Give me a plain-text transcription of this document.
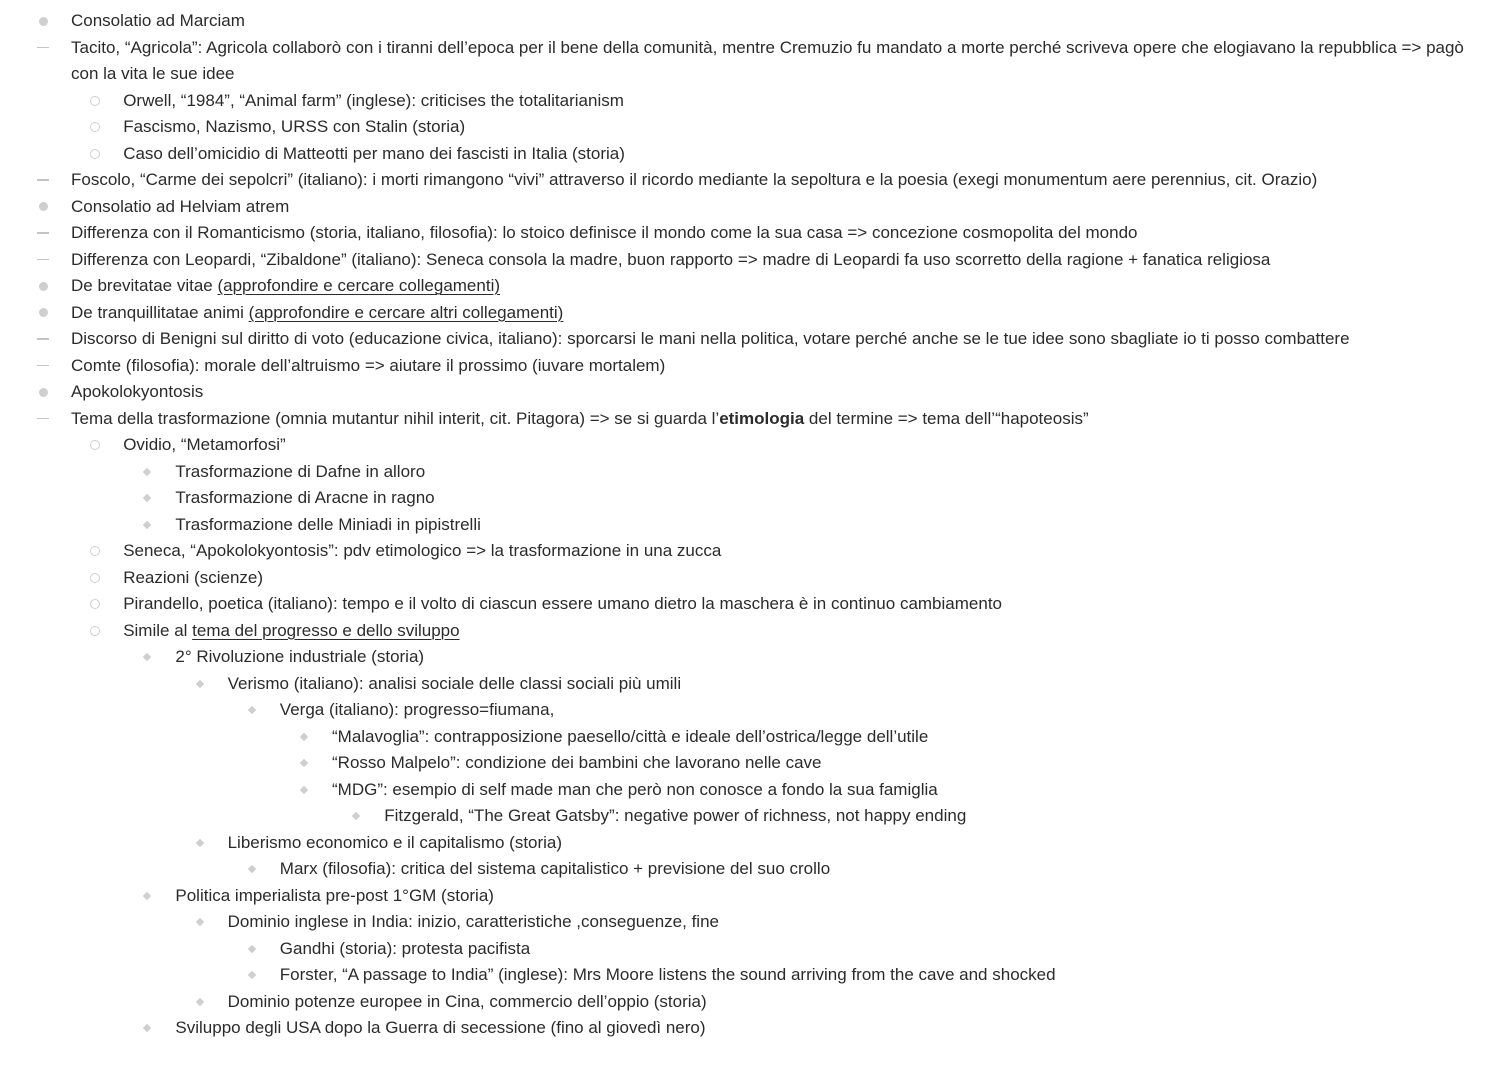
Consolatio ad Marciam
Tacito, “Agricola”: Agricola collaborò con i tiranni dell’epoca per il bene della comunità, mentre Cremuzio fu mandato a morte perché scriveva opere che elogiavano la repubblica => pagò con la vita le sue idee
Orwell, “1984”, “Animal farm” (inglese): criticises the totalitarianism
Fascismo, Nazismo, URSS con Stalin (storia)
Caso dell’omicidio di Matteotti per mano dei fascisti in Italia (storia)
Foscolo, “Carme dei sepolcri” (italiano): i morti rimangono “vivi” attraverso il ricordo mediante la sepoltura e la poesia (exegi monumentum aere perennius, cit. Orazio)
Consolatio ad Helviam atrem
Differenza con il Romanticismo (storia, italiano, filosofia): lo stoico definisce il mondo come la sua casa => concezione cosmopolita del mondo
Differenza con Leopardi, “Zibaldone” (italiano): Seneca consola la madre, buon rapporto => madre di Leopardi fa uso scorretto della ragione + fanatica religiosa
De brevitatae vitae (approfondire e cercare collegamenti)
De tranquillitatae animi (approfondire e cercare altri collegamenti)
Discorso di Benigni sul diritto di voto (educazione civica, italiano): sporcarsi le mani nella politica, votare perché anche se le tue idee sono sbagliate io ti posso combattere
Comte (filosofia): morale dell’altruismo => aiutare il prossimo (iuvare mortalem)
Apokolokyontosis
Tema della trasformazione (omnia mutantur nihil interit, cit. Pitagora) => se si guarda l’etimologia del termine => tema dell’“hapoteosis”
Ovidio, “Metamorfosi”
Trasformazione di Dafne in alloro
Trasformazione di Aracne in ragno
Trasformazione delle Miniadi in pipistrelli
Seneca, “Apokolokyontosis”: pdv etimologico => la trasformazione in una zucca
Reazioni (scienze)
Pirandello, poetica (italiano): tempo e il volto di ciascun essere umano dietro la maschera è in continuo cambiamento
Simile al tema del progresso e dello sviluppo
2° Rivoluzione industriale (storia)
Verismo (italiano): analisi sociale delle classi sociali più umili
Verga (italiano): progresso=fiumana,
“Malavoglia”: contrapposizione paesello/città e ideale dell’ostrica/legge dell’utile
“Rosso Malpelo”: condizione dei bambini che lavorano nelle cave
“MDG”: esempio di self made man che però non conosce a fondo la sua famiglia
Fitzgerald, “The Great Gatsby”: negative power of richness, not happy ending
Liberismo economico e il capitalismo (storia)
Marx (filosofia): critica del sistema capitalistico + previsione del suo crollo
Politica imperialista pre-post 1°GM (storia)
Dominio inglese in India: inizio, caratteristiche ,conseguenze, fine
Gandhi (storia): protesta pacifista
Forster, “A passage to India” (inglese): Mrs Moore listens the sound arriving from the cave and shocked
Dominio potenze europee in Cina, commercio dell’oppio (storia)
Sviluppo degli USA dopo la Guerra di secessione (fino al giovedì nero)
